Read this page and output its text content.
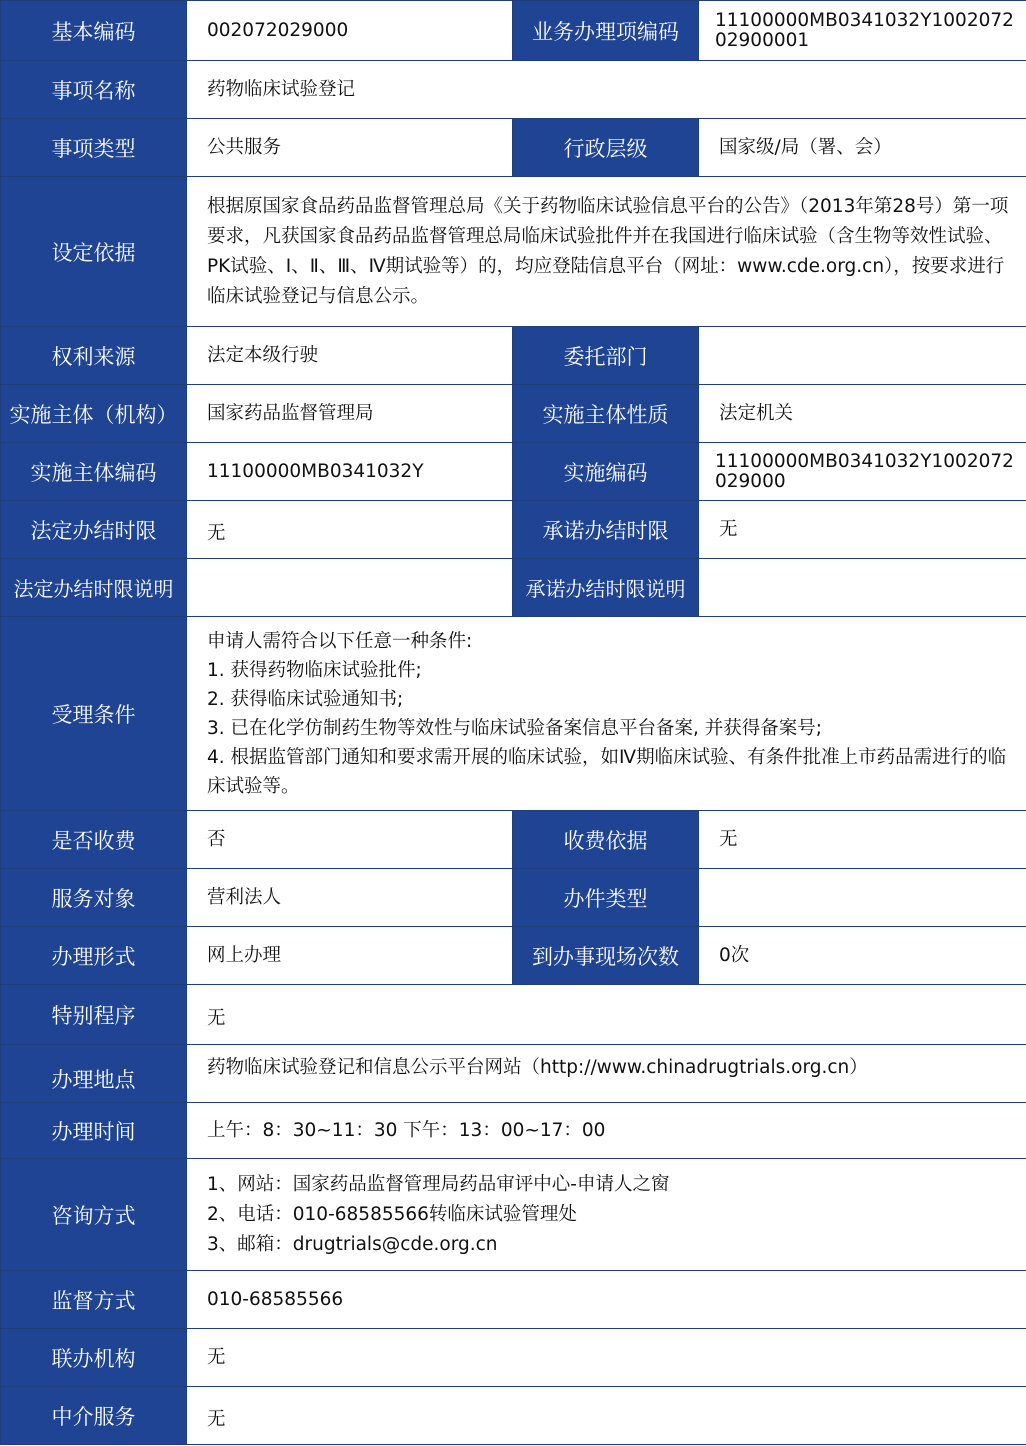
基本编码	002072029000	业务办理项编码	11100000MB0341032Y100207202900001
事项名称	药物临床试验登记		
事项类型	公共服务	行政层级	国家级/局（署、会）
设定依据	根据原国家食品药品监督管理总局《关于药物临床试验信息平台的公告》（2013年第28号）第一项要求，凡获国家食品药品监督管理总局临床试验批件并在我国进行临床试验（含生物等效性试验、PK试验、Ⅰ、Ⅱ、Ⅲ、Ⅳ期试验等）的，均应登陆信息平台（网址：www.cde.org.cn），按要求进行临床试验登记与信息公示。		
权利来源	法定本级行驶	委托部门	
实施主体（机构）	国家药品监督管理局	实施主体性质	法定机关
实施主体编码	11100000MB0341032Y	实施编码	11100000MB0341032Y1002072029000
法定办结时限	无	承诺办结时限	无
法定办结时限说明		承诺办结时限说明	
受理条件	申请人需符合以下任意一种条件:
1. 获得药物临床试验批件;
2. 获得临床试验通知书;
3. 已在化学仿制药生物等效性与临床试验备案信息平台备案, 并获得备案号;
4. 根据监管部门通知和要求需开展的临床试验，如Ⅳ期临床试验、有条件批准上市药品需进行的临床试验等。		

是否收费	否	收费依据	无
服务对象	营利法人	办件类型	
办理形式	网上办理	到办事现场次数	0次
特别程序	无		
办理地点	药物临床试验登记和信息公示平台网站（http://www.chinadrugtrials.org.cn）		
办理时间	上午：8：30~11：30 下午：13：00~17：00		
咨询方式	1、网站：国家药品监督管理局药品审评中心-申请人之窗
2、电话：010-68585566转临床试验管理处
3、邮箱：drugtrials@cde.org.cn		

监督方式	010-68585566		
联办机构	无		
中介服务	无		
